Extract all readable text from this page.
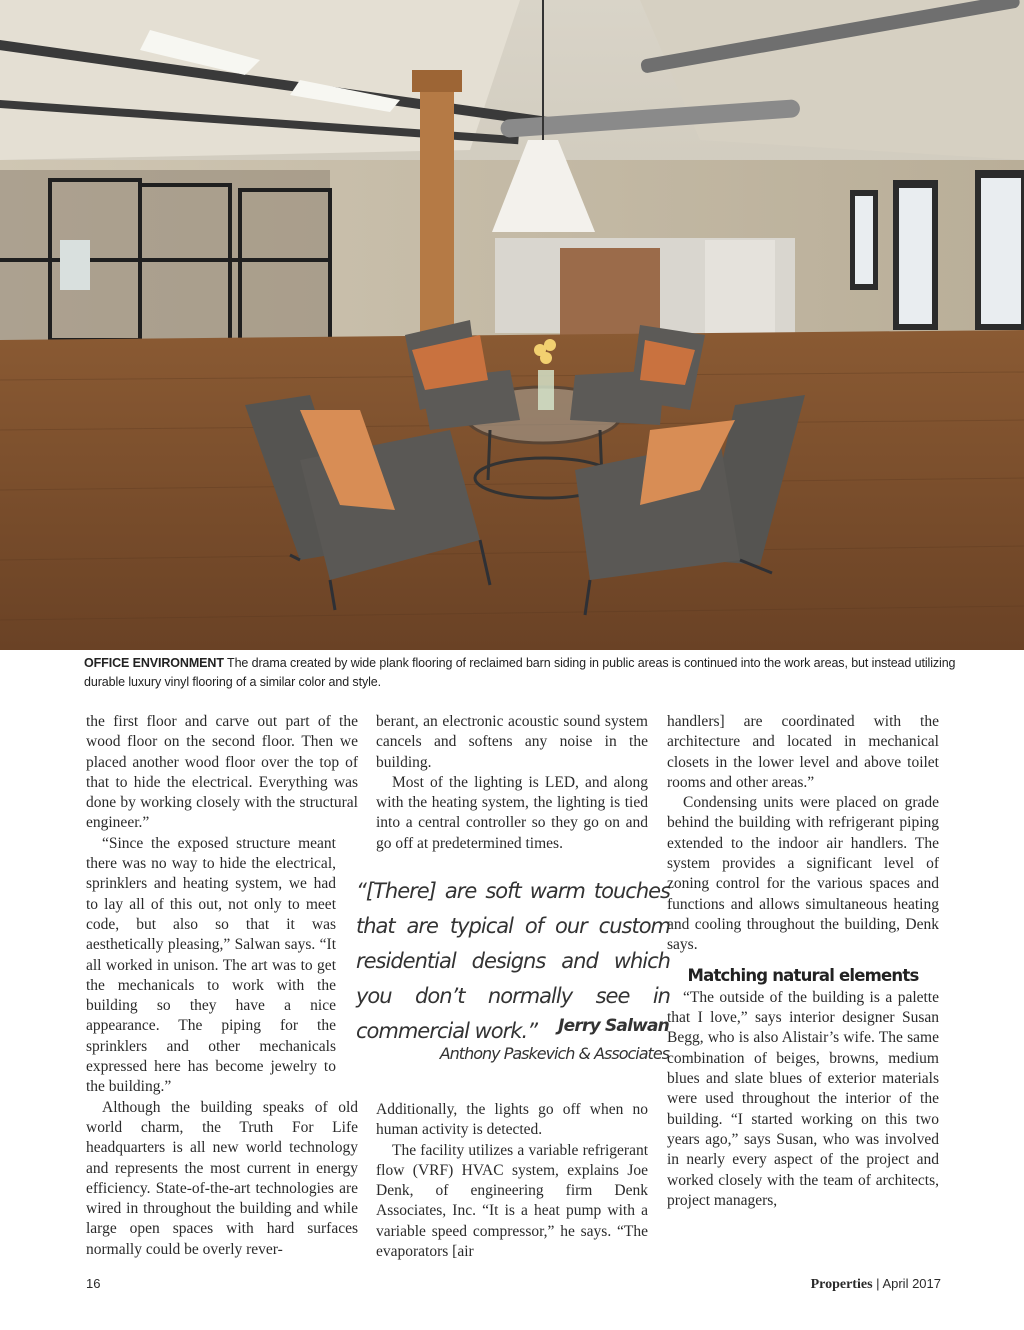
OFFICE ENVIRONMENT The drama created by wide plank flooring of reclaimed barn siding in public areas is continued into the work areas, but instead utilizing durable luxury vinyl flooring of a similar color and style.

the first floor and carve out part of the wood floor on the second floor. Then we placed another wood floor over the top of that to hide the electrical. Everything was done by working closely with the structural engineer.”

“Since the exposed structure meant there was no way to hide the electrical, sprinklers and heating system, we had to lay all of this out, not only to meet code, but also so that it was aesthetically pleasing,” Salwan says. “It all worked in unison. The art was to get the mechanicals to work with the building so they have a nice appearance. The piping for the sprinklers and other mechanicals expressed here has become jewelry to the building.”

Although the building speaks of old world charm, the Truth For Life headquarters is all new world technology and represents the most current in energy efficiency. State-of-the-art technologies are wired in throughout the building and while large open spaces with hard surfaces normally could be overly rever-

berant, an electronic acoustic sound system cancels and softens any noise in the building.

Most of the lighting is LED, and along with the heating system, the lighting is tied into a central controller so they go on and go off at predetermined times.

“[There] are soft warm touches that are typical of our custom residential designs and which you don’t normally see in commercial work.”	Jerry Salwan
Anthony Paskevich & Associates

Additionally, the lights go off when no human activity is detected.

The facility utilizes a variable refrigerant flow (VRF) HVAC system, explains Joe Denk, of engineering firm Denk Associates, Inc. “It is a heat pump with a variable speed compressor,” he says. “The evaporators [air

handlers] are coordinated with the architecture and located in mechanical closets in the lower level and above toilet rooms and other areas.”

Condensing units were placed on grade behind the building with refrigerant piping extended to the indoor air handlers. The system provides a significant level of zoning control for the various spaces and functions and allows simultaneous heating and cooling throughout the building, Denk says.

Matching natural elements

“The outside of the building is a palette that I love,” says interior designer Susan Begg, who is also Alistair’s wife. The same combination of beiges, browns, medium blues and slate blues of exterior materials were used throughout the interior of the building. “I started working on this two years ago,” says Susan, who was involved in nearly every aspect of the project and worked closely with the team of architects, project managers,

16	Properties | April 2017
